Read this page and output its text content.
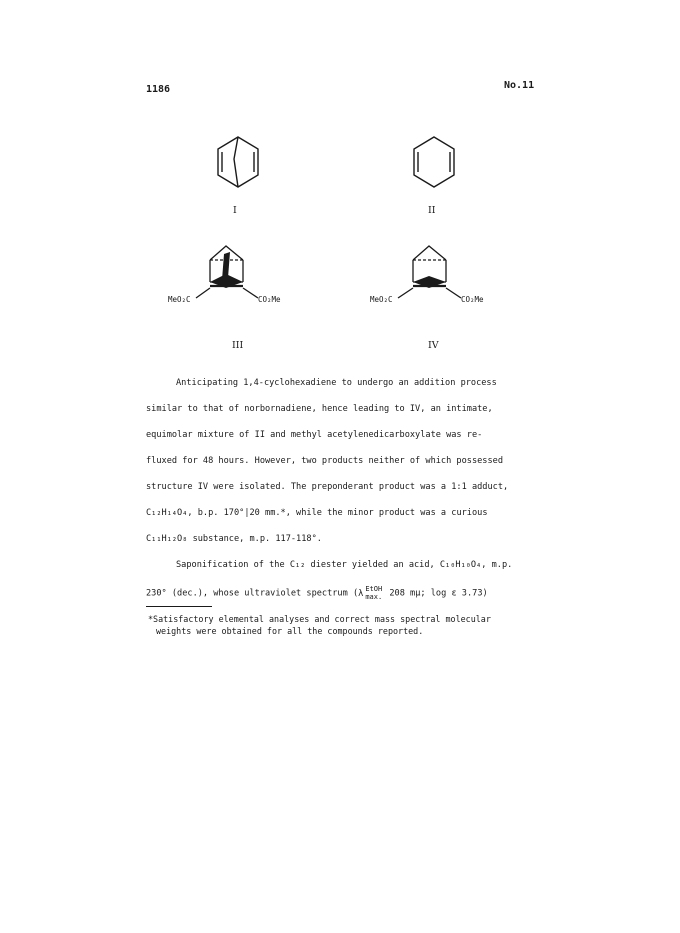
1186	No.11
I	II
MeO₂C	CO₂Me
III
MeO₂C	CO₂Me
IV
Anticipating 1,4-cyclohexadiene to undergo an addition process
similar to that of norbornadiene, hence leading to IV, an intimate,
equimolar mixture of II and methyl acetylenedicarboxylate was re-
fluxed for 48 hours. However, two products neither of which possessed
structure IV were isolated. The preponderant product was a 1:1 adduct,
C₁₂H₁₄O₄, b.p. 170°|20 mm.*, while the minor product was a curious
C₁₁H₁₂O₈ substance, m.p. 117-118°.
Saponification of the C₁₂ diester yielded an acid, C₁₀H₁₀O₄, m.p.
230° (dec.), whose ultraviolet spectrum (λ EtOH
max. 208 mμ; log ε 3.73)
*Satisfactory elemental analyses and correct mass spectral molecular
weights were obtained for all the compounds reported.
